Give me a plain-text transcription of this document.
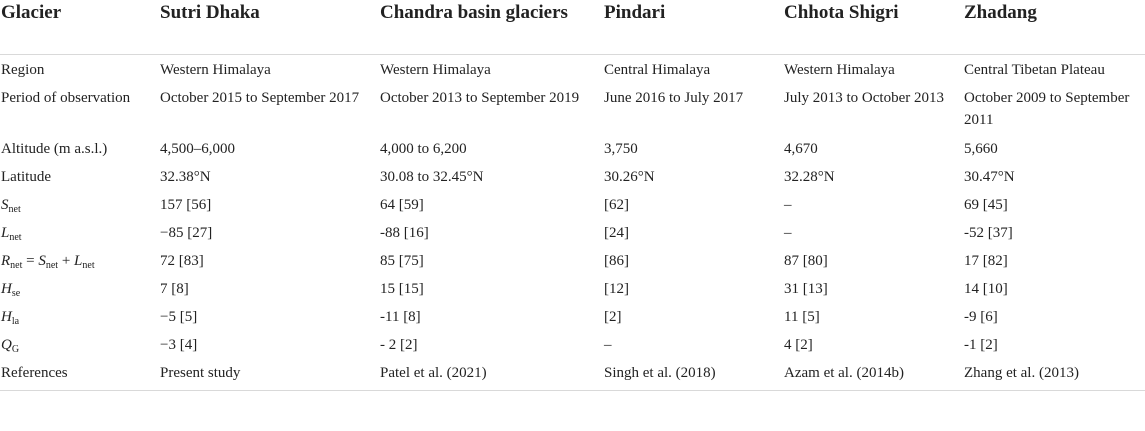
Glacier	Sutri Dhaka	Chandra basin glaciers	Pindari	Chhota Shigri	Zhadang
Region	Western Himalaya	Western Himalaya	Central Himalaya	Western Himalaya	Central Tibetan Plateau
Period of observation	October 2015 to September 2017	October 2013 to September 2019	June 2016 to July 2017	July 2013 to October 2013	October 2009 to September 2011
Altitude (m a.s.l.)	4,500–6,000	4,000 to 6,200	3,750	4,670	5,660
Latitude	32.38°N	30.08 to 32.45°N	30.26°N	32.28°N	30.47°N
$S_{net}$	157 [56]	64 [59]	[62]	–	69 [45]
$L_{net}$	−85 [27]	-88 [16]	[24]	–	-52 [37]
$R_{net} = S_{net} + L_{net}$	72 [83]	85 [75]	[86]	87 [80]	17 [82]
$H_{se}$	7 [8]	15 [15]	[12]	31 [13]	14 [10]
$H_{la}$	−5 [5]	-11 [8]	[2]	11 [5]	-9 [6]
$Q_G$	−3 [4]	- 2 [2]	–	4 [2]	-1 [2]
References	Present study	Patel et al. (2021)	Singh et al. (2018)	Azam et al. (2014b)	Zhang et al. (2013)
